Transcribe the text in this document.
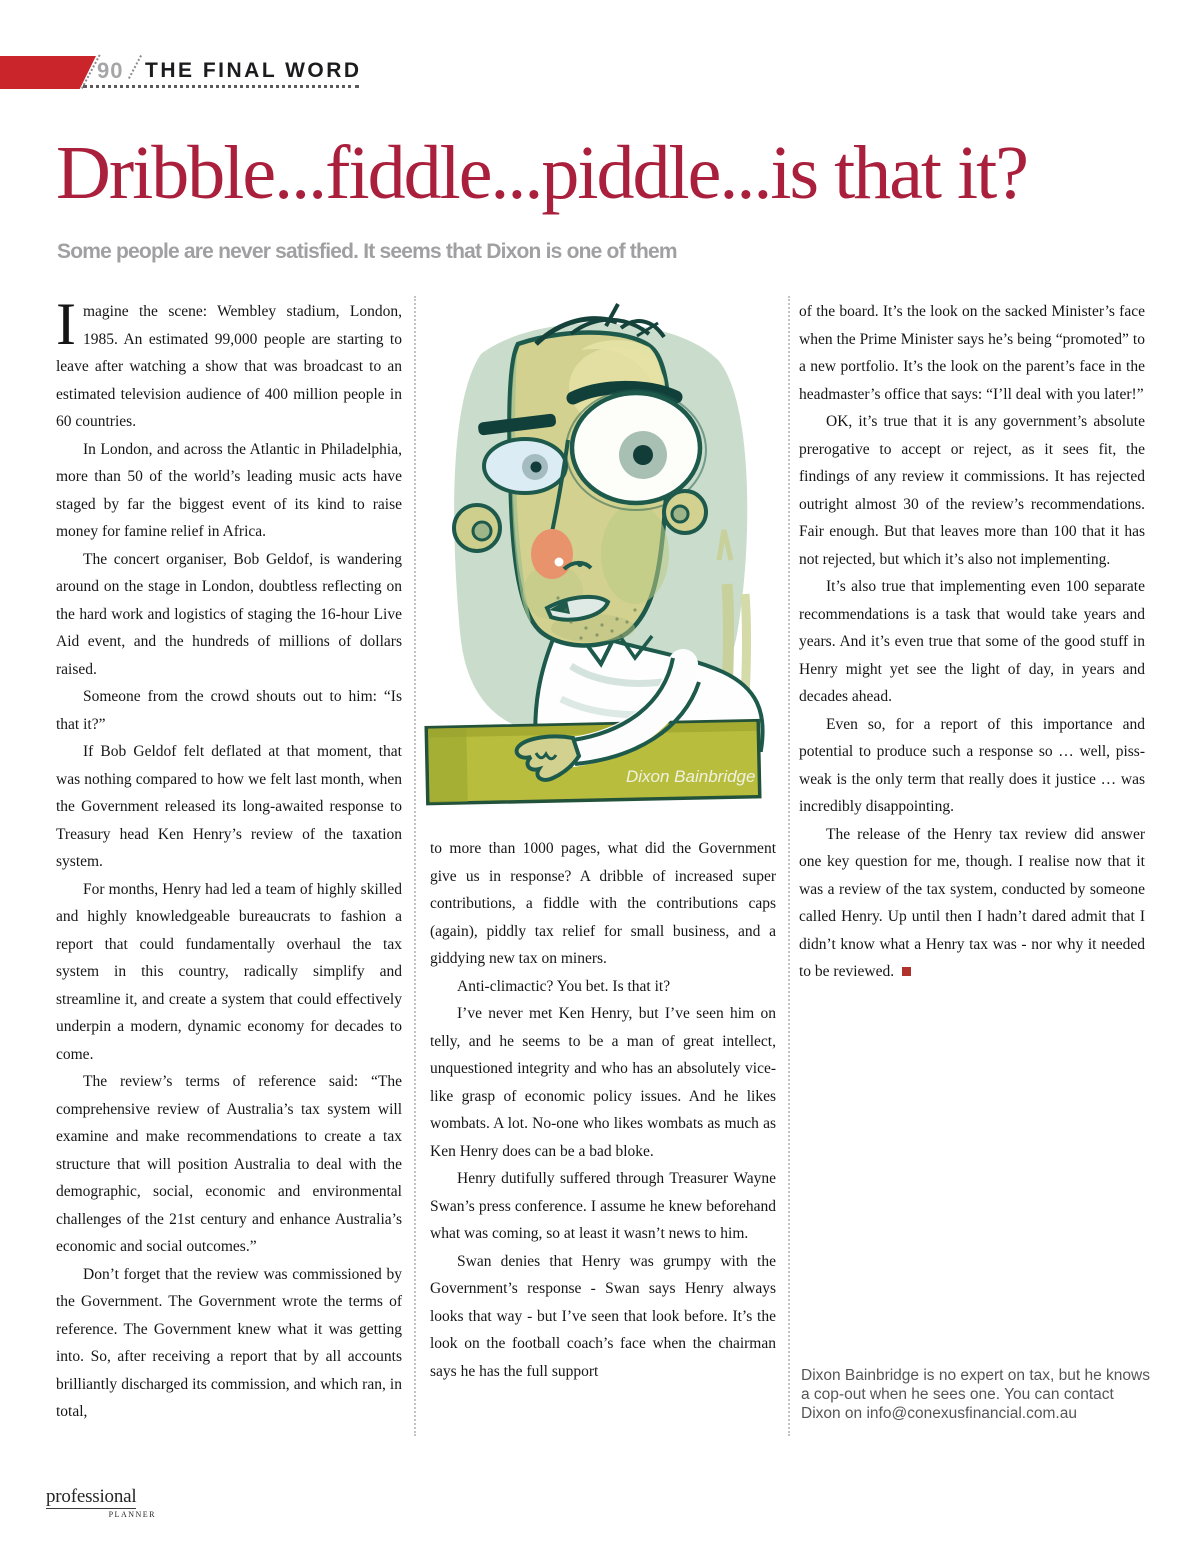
90 THE FINAL WORD
Dribble...fiddle...piddle...is that it?
Some people are never satisfied. It seems that Dixon is one of them

Imagine the scene: Wembley stadium, London, 1985. An estimated 99,000 people are starting to leave after watching a show that was broadcast to an estimated television audience of 400 million people in 60 countries.

In London, and across the Atlantic in Philadelphia, more than 50 of the world’s leading music acts have staged by far the biggest event of its kind to raise money for famine relief in Africa.

The concert organiser, Bob Geldof, is wandering around on the stage in London, doubtless reflecting on the hard work and logistics of staging the 16-hour Live Aid event, and the hundreds of millions of dollars raised.

Someone from the crowd shouts out to him: “Is that it?”

If Bob Geldof felt deflated at that moment, that was nothing compared to how we felt last month, when the Government released its long-awaited response to Treasury head Ken Henry’s review of the taxation system.

For months, Henry had led a team of highly skilled and highly knowledgeable bureaucrats to fashion a report that could fundamentally overhaul the tax system in this country, radically simplify and streamline it, and create a system that could effectively underpin a modern, dynamic economy for decades to come.

The review’s terms of reference said: “The comprehensive review of Australia’s tax system will examine and make recommendations to create a tax structure that will position Australia to deal with the demographic, social, economic and environmental challenges of the 21st century and enhance Australia’s economic and social outcomes.”

Don’t forget that the review was commissioned by the Government. The Government wrote the terms of reference. The Government knew what it was getting into. So, after receiving a report that by all accounts brilliantly discharged its commission, and which ran, in total,

Dixon Bainbridge

to more than 1000 pages, what did the Government give us in response? A dribble of increased super contributions, a fiddle with the contributions caps (again), piddly tax relief for small business, and a giddying new tax on miners.

Anti-climactic? You bet. Is that it?

I’ve never met Ken Henry, but I’ve seen him on telly, and he seems to be a man of great intellect, unquestioned integrity and who has an absolutely vice-like grasp of economic policy issues. And he likes wombats. A lot. No-one who likes wombats as much as Ken Henry does can be a bad bloke.

Henry dutifully suffered through Treasurer Wayne Swan’s press conference. I assume he knew beforehand what was coming, so at least it wasn’t news to him.

Swan denies that Henry was grumpy with the Government’s response - Swan says Henry always looks that way - but I’ve seen that look before. It’s the look on the football coach’s face when the chairman says he has the full support

of the board. It’s the look on the sacked Minister’s face when the Prime Minister says he’s being “promoted” to a new portfolio. It’s the look on the parent’s face in the headmaster’s office that says: “I’ll deal with you later!”

OK, it’s true that it is any government’s absolute prerogative to accept or reject, as it sees fit, the findings of any review it commissions. It has rejected outright almost 30 of the review’s recommendations. Fair enough. But that leaves more than 100 that it has not rejected, but which it’s also not implementing.

It’s also true that implementing even 100 separate recommendations is a task that would take years and years. And it’s even true that some of the good stuff in Henry might yet see the light of day, in years and decades ahead.

Even so, for a report of this importance and potential to produce such a response so … well, piss-weak is the only term that really does it justice … was incredibly disappointing.

The release of the Henry tax review did answer one key question for me, though. I realise now that it was a review of the tax system, conducted by someone called Henry. Up until then I hadn’t dared admit that I didn’t know what a Henry tax was - nor why it needed to be reviewed.

Dixon Bainbridge is no expert on tax, but he knows
a cop-out when he sees one. You can contact
Dixon on info@conexusfinancial.com.au
professional
PLANNER
